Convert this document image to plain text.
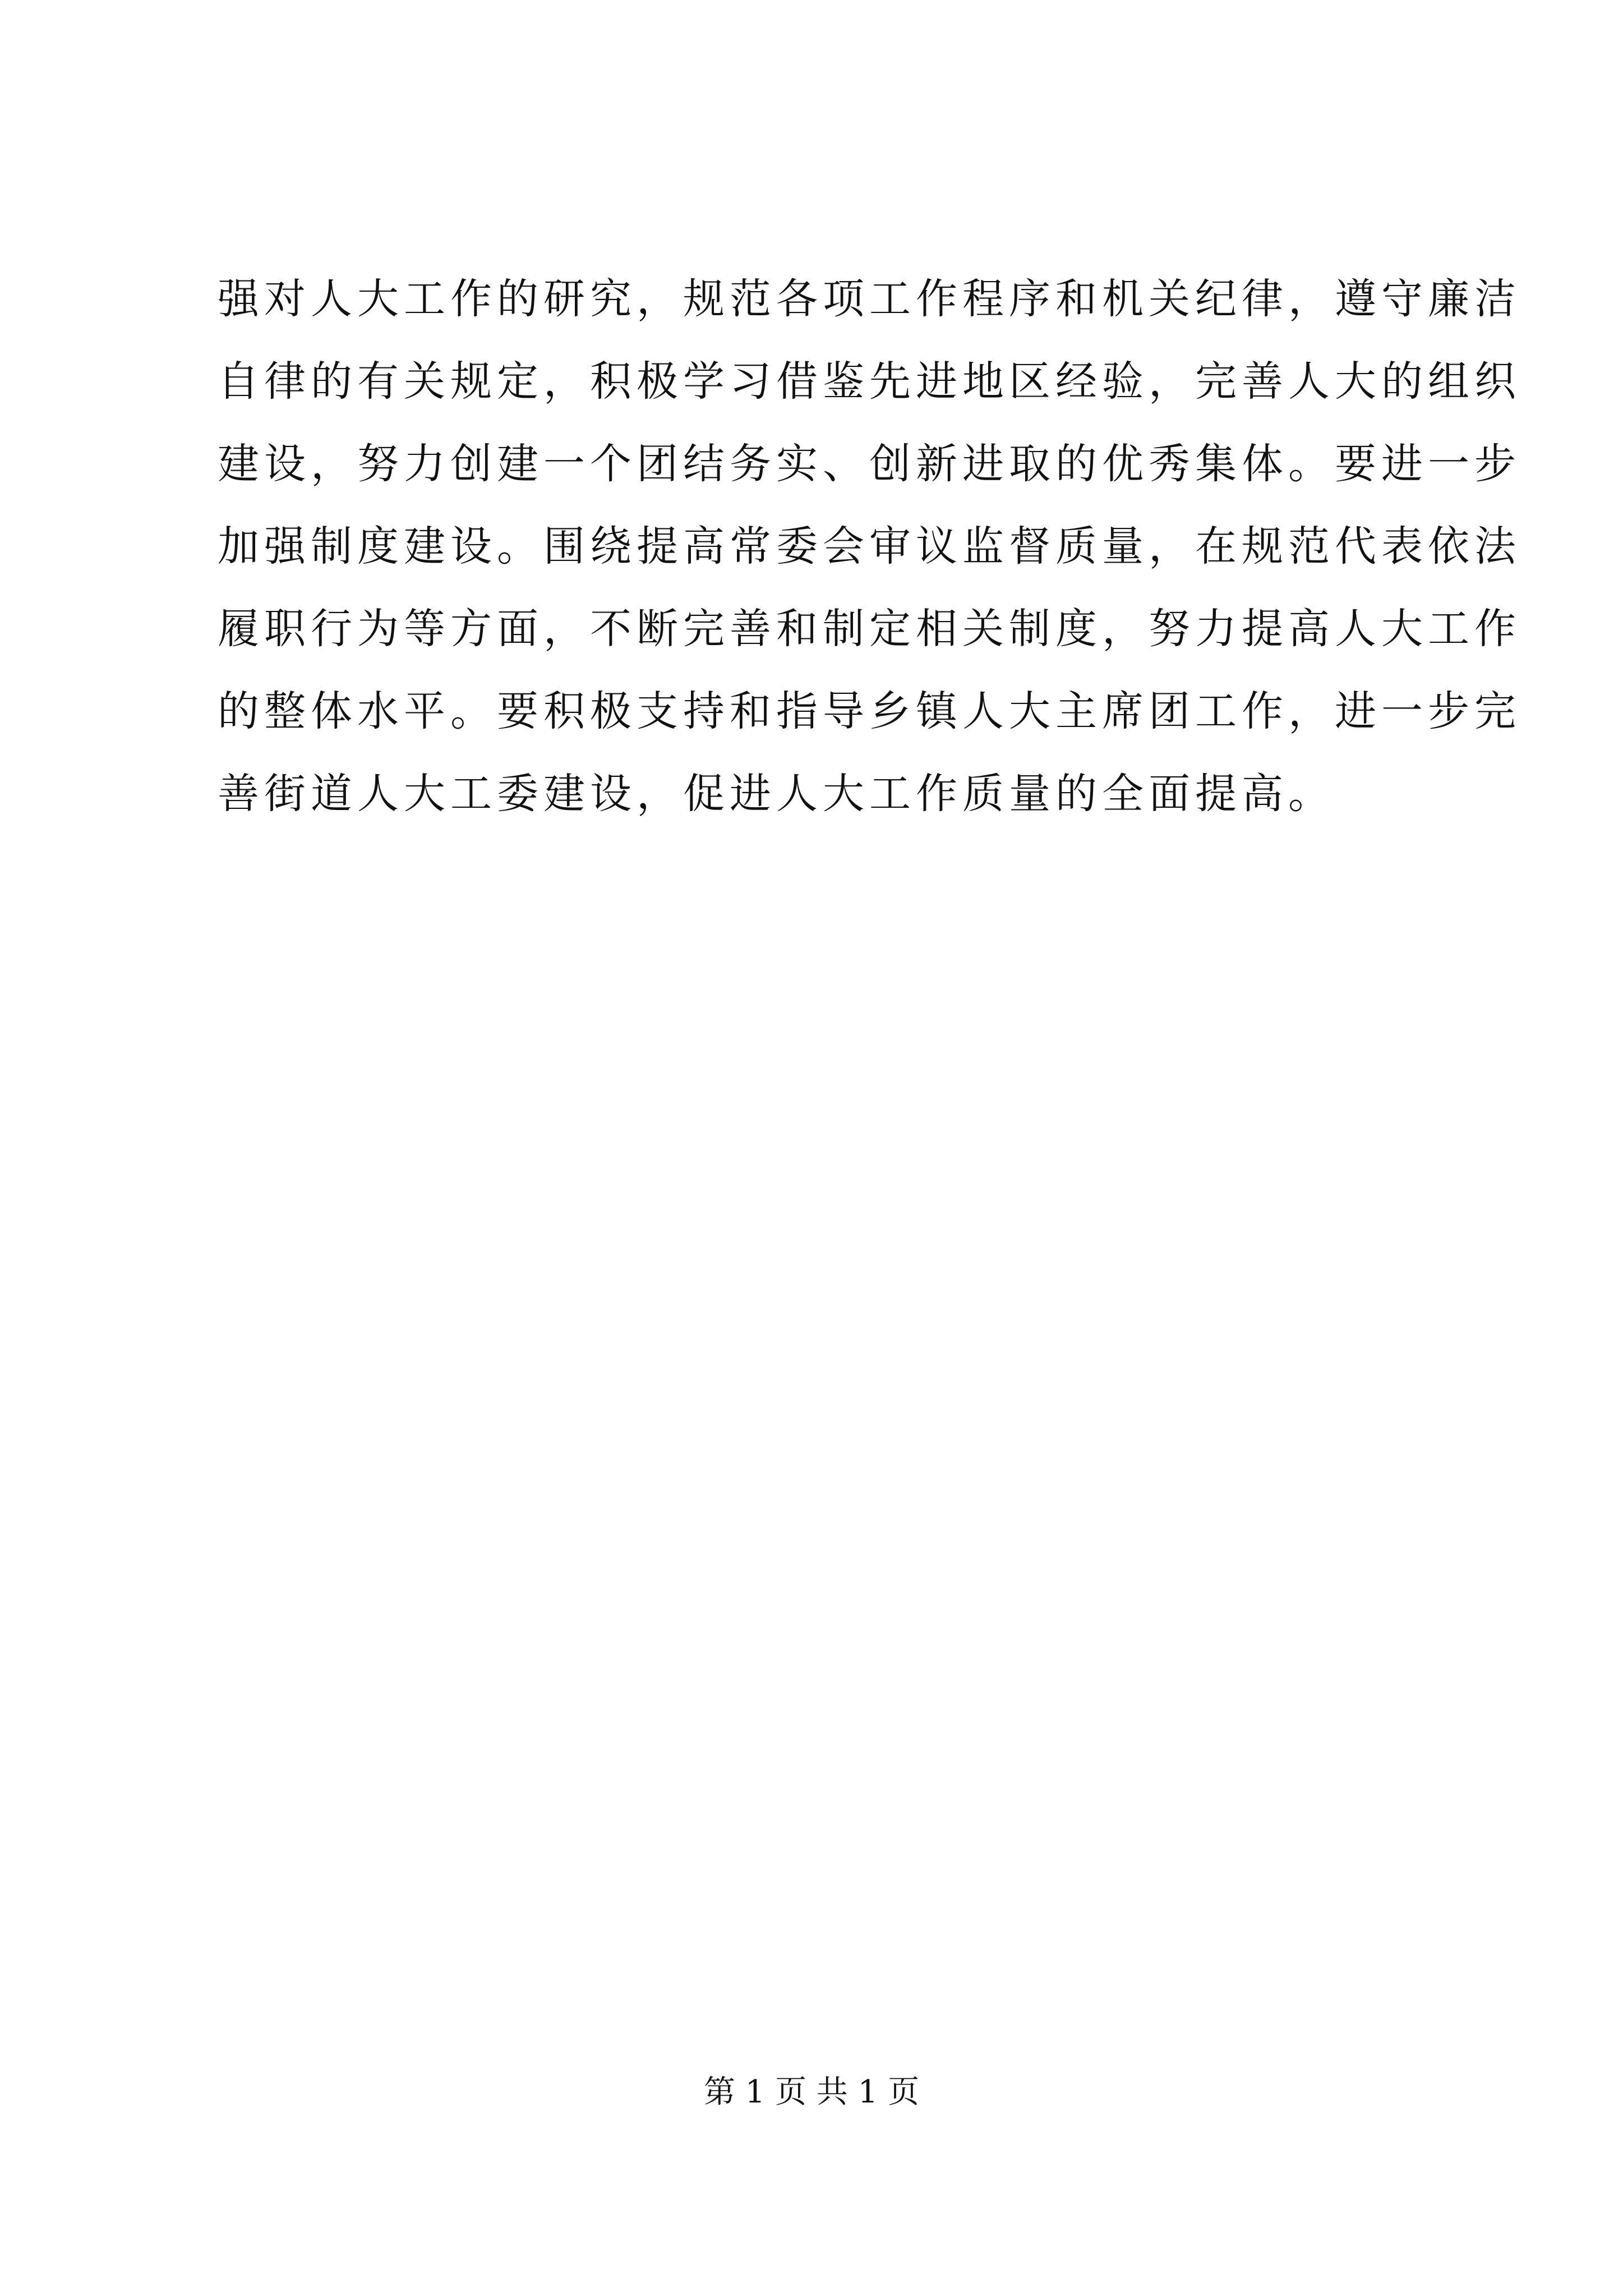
强对人大工作的研究，规范各项工作程序和机关纪律，遵守廉洁
自律的有关规定，积极学习借鉴先进地区经验，完善人大的组织
建设，努力创建一个团结务实、创新进取的优秀集体。要进一步
加强制度建设。围绕提高常委会审议监督质量，在规范代表依法
履职行为等方面，不断完善和制定相关制度，努力提高人大工作
的整体水平。要积极支持和指导乡镇人大主席团工作，进一步完
善街道人大工委建设，促进人大工作质量的全面提高。
第 1 页 共 1 页
